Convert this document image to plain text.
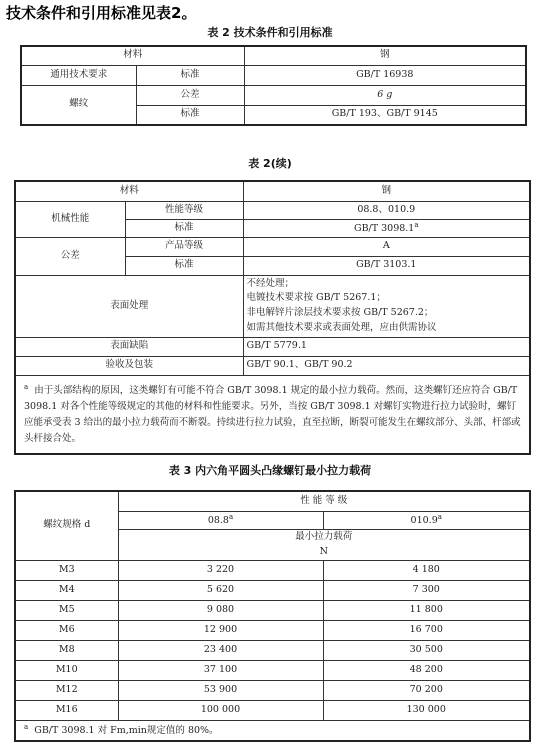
技术条件和引用标准见表2。
表 2 技术条件和引用标准
材料		钢
通用技术要求	标准	GB/T 16938
螺纹	公差	6 g
	标准	GB/T 193、GB/T 9145
表 2(续)
材料		钢
机械性能	性能等级	08.8、010.9
	标准	GB/T 3098.1$^a$
公差	产品等级	A
	标准	GB/T 3103.1
表面处理		不经处理；
电镀技术要求按 GB/T 5267.1；
非电解锌片涂层技术要求按 GB/T 5267.2；
如需其他技术要求或表面处理，应由供需协议

表面缺陷		GB/T 5779.1
验收及包装		GB/T 90.1、GB/T 90.2
$^a$ 由于头部结构的原因，这类螺钉有可能不符合 GB/T 3098.1 规定的最小拉力载荷。然而，这类螺钉还应符合 GB/T 3098.1 对各个性能等级规定的其他的材料和性能要求。另外，当按 GB/T 3098.1 对螺钉实物进行拉力试验时，螺钉应能承受表 3 给出的最小拉力载荷而不断裂。持续进行拉力试验，直至拉断，断裂可能发生在螺纹部分、头部、杆部或头杆接合处。		
表 3 内六角平圆头凸缘螺钉最小拉力载荷
螺纹规格 d	性 能 等 级	
	08.8$^a$	010.9$^a$
	最小拉力载荷	
	N	
M3	3 220	4 180
M4	5 620	7 300
M5	9 080	11 800
M6	12 900	16 700
M8	23 400	30 500
M10	37 100	48 200
M12	53 900	70 200
M16	100 000	130 000
$^a$ GB/T 3098.1 对 Fm,min规定值的 80%。		
